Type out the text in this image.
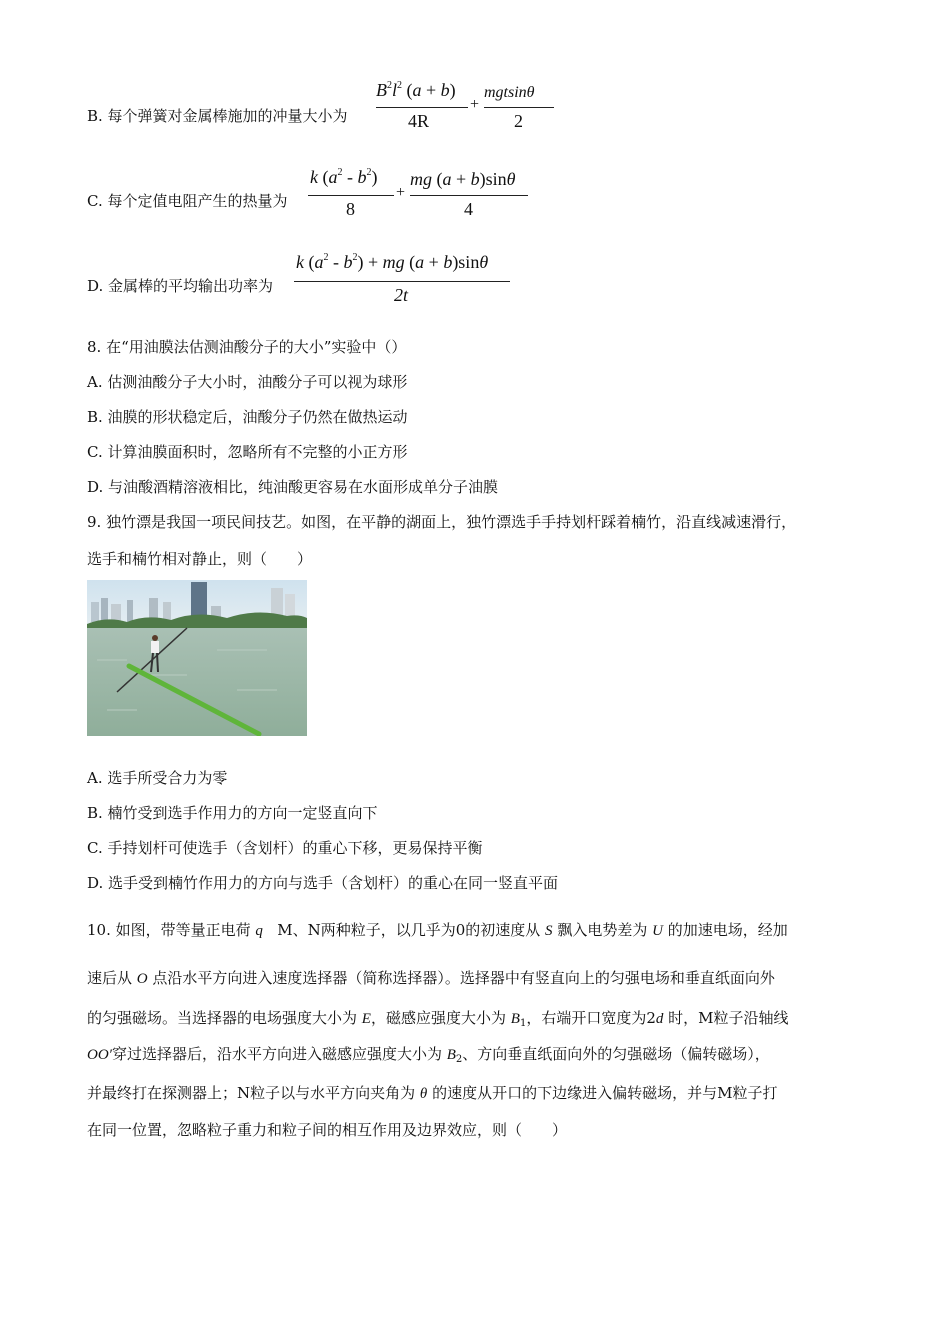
B. 每个弹簧对金属棒施加的冲量大小为
$B^2l^2$ (a + b)
4R
+
mgtsinθ
2
C. 每个定值电阻产生的热量为
k $(a^2 - b^2)$
8
+
mg (a + b)sinθ
4
D. 金属棒的平均输出功率为
k $(a^2 - b^2)$ + mg (a + b)sinθ
2t
8. 在“用油膜法估测油酸分子的大小”实验中（）
A. 估测油酸分子大小时，油酸分子可以视为球形
B. 油膜的形状稳定后，油酸分子仍然在做热运动
C. 计算油膜面积时，忽略所有不完整的小正方形
D. 与油酸酒精溶液相比，纯油酸更容易在水面形成单分子油膜
9. 独竹漂是我国一项民间技艺。如图，在平静的湖面上，独竹漂选手手持划杆踩着楠竹，沿直线减速滑行，
选手和楠竹相对静止，则（　　）
A. 选手所受合力为零
B. 楠竹受到选手作用力的方向一定竖直向下
C. 手持划杆可使选手（含划杆）的重心下移，更易保持平衡
D. 选手受到楠竹作用力的方向与选手（含划杆）的重心在同一竖直平面
10. 如图，带等量正电荷 q M、N两种粒子，以几乎为0的初速度从 S 飘入电势差为 U 的加速电场，经加
速后从 O 点沿水平方向进入速度选择器（简称选择器）。选择器中有竖直向上的匀强电场和垂直纸面向外
的匀强磁场。当选择器的电场强度大小为 E，磁感应强度大小为 $B_1$，右端开口宽度为2d 时，M粒子沿轴线
OO′穿过选择器后，沿水平方向进入磁感应强度大小为 $B_2$、方向垂直纸面向外的匀强磁场（偏转磁场），
并最终打在探测器上；N粒子以与水平方向夹角为 θ 的速度从开口的下边缘进入偏转磁场，并与M粒子打
在同一位置，忽略粒子重力和粒子间的相互作用及边界效应，则（　　）
